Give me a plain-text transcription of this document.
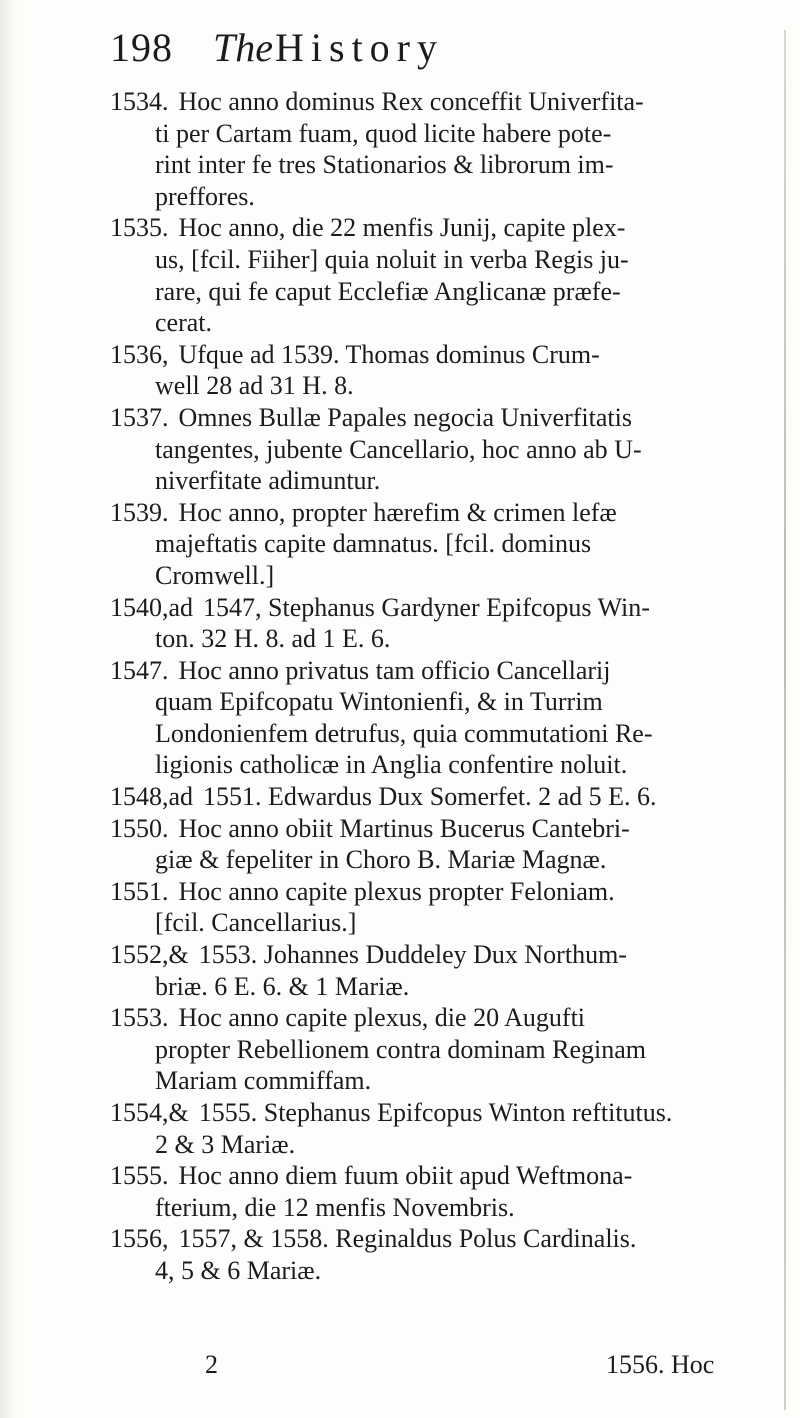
198 The History
1534. Hoc anno dominus Rex conceffit Univerfita-
ti per Cartam fuam, quod licite habere pote-
rint inter fe tres Stationarios & librorum im-
preffores.
1535. Hoc anno, die 22 menfis Junij, capite plex-
us, [fcil. Fiiher] quia noluit in verba Regis ju-
rare, qui fe caput Ecclefiæ Anglicanæ præfe-
cerat.
1536, Ufque ad 1539. Thomas dominus Crum-
well 28 ad 31 H. 8.
1537. Omnes Bullæ Papales negocia Univerfitatis
tangentes, jubente Cancellario, hoc anno ab U-
niverfitate adimuntur.
1539. Hoc anno, propter hærefim & crimen lefæ
majeftatis capite damnatus. [fcil. dominus
Cromwell.]
1540,ad 1547, Stephanus Gardyner Epifcopus Win-
ton. 32 H. 8. ad 1 E. 6.
1547. Hoc anno privatus tam officio Cancellarij
quam Epifcopatu Wintonienfi, & in Turrim
Londonienfem detrufus, quia commutationi Re-
ligionis catholicæ in Anglia confentire noluit.
1548,ad 1551. Edwardus Dux Somerfet. 2 ad 5 E. 6.
1550. Hoc anno obiit Martinus Bucerus Cantebri-
giæ & fepeliter in Choro B. Mariæ Magnæ.
1551. Hoc anno capite plexus propter Feloniam.
[fcil. Cancellarius.]
1552,& 1553. Johannes Duddeley Dux Northum-
briæ. 6 E. 6. & 1 Mariæ.
1553. Hoc anno capite plexus, die 20 Augufti
propter Rebellionem contra dominam Reginam
Mariam commiffam.
1554,& 1555. Stephanus Epifcopus Winton reftitutus.
2 & 3 Mariæ.
1555. Hoc anno diem fuum obiit apud Weftmona-
fterium, die 12 menfis Novembris.
1556, 1557, & 1558. Reginaldus Polus Cardinalis.
4, 5 & 6 Mariæ.
2	1556. Hoc
